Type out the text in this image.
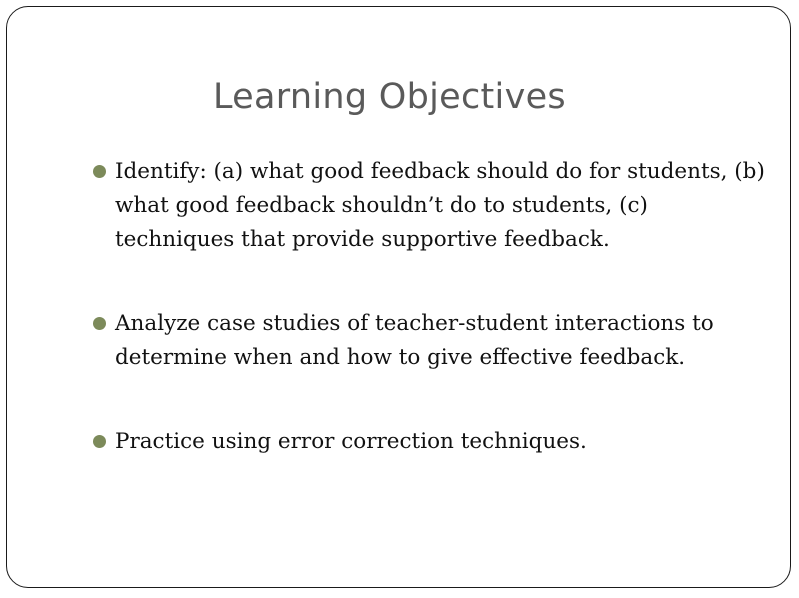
Learning Objectives
Identify: (a) what good feedback should do for students, (b) what good feedback shouldn’t do to students, (c) techniques that provide supportive feedback.
Analyze case studies of teacher-student interactions to determine when and how to give effective feedback.
Practice using error correction techniques.
